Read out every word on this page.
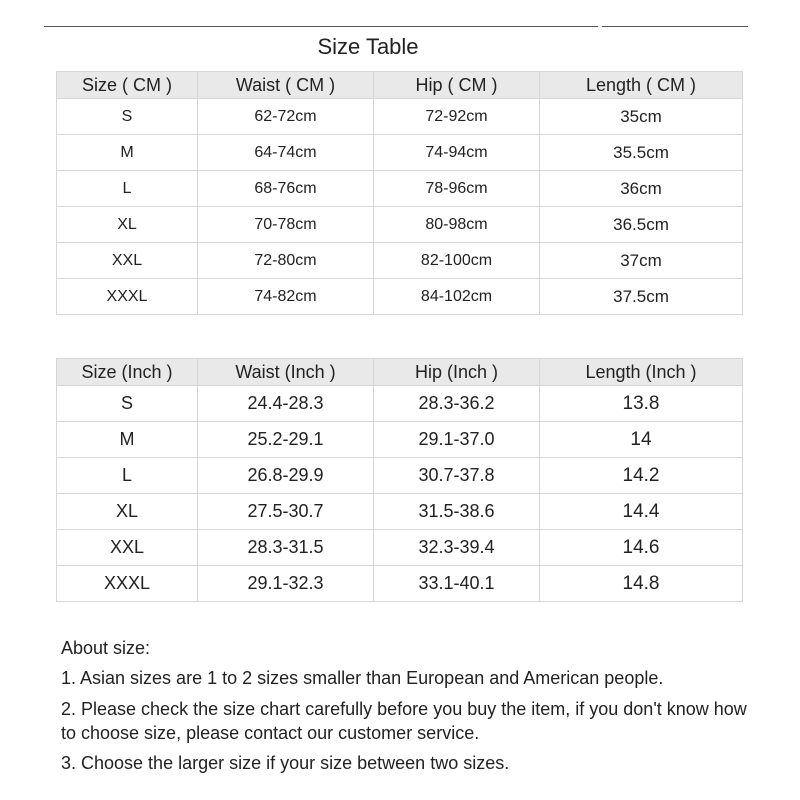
Size Table
Size ( CM )	Waist ( CM )	Hip ( CM )	Length ( CM )
S	62-72cm	72-92cm	35cm
M	64-74cm	74-94cm	35.5cm
L	68-76cm	78-96cm	36cm
XL	70-78cm	80-98cm	36.5cm
XXL	72-80cm	82-100cm	37cm
XXXL	74-82cm	84-102cm	37.5cm
Size (Inch )	Waist (Inch )	Hip (Inch )	Length (Inch )
S	24.4-28.3	28.3-36.2	13.8
M	25.2-29.1	29.1-37.0	14
L	26.8-29.9	30.7-37.8	14.2
XL	27.5-30.7	31.5-38.6	14.4
XXL	28.3-31.5	32.3-39.4	14.6
XXXL	29.1-32.3	33.1-40.1	14.8

About size:

1. Asian sizes are 1 to 2 sizes smaller than European and American people.

2. Please check the size chart carefully before you buy the item, if you don't know how to choose size, please contact our customer service.

3. Choose the larger size if your size between two sizes.
